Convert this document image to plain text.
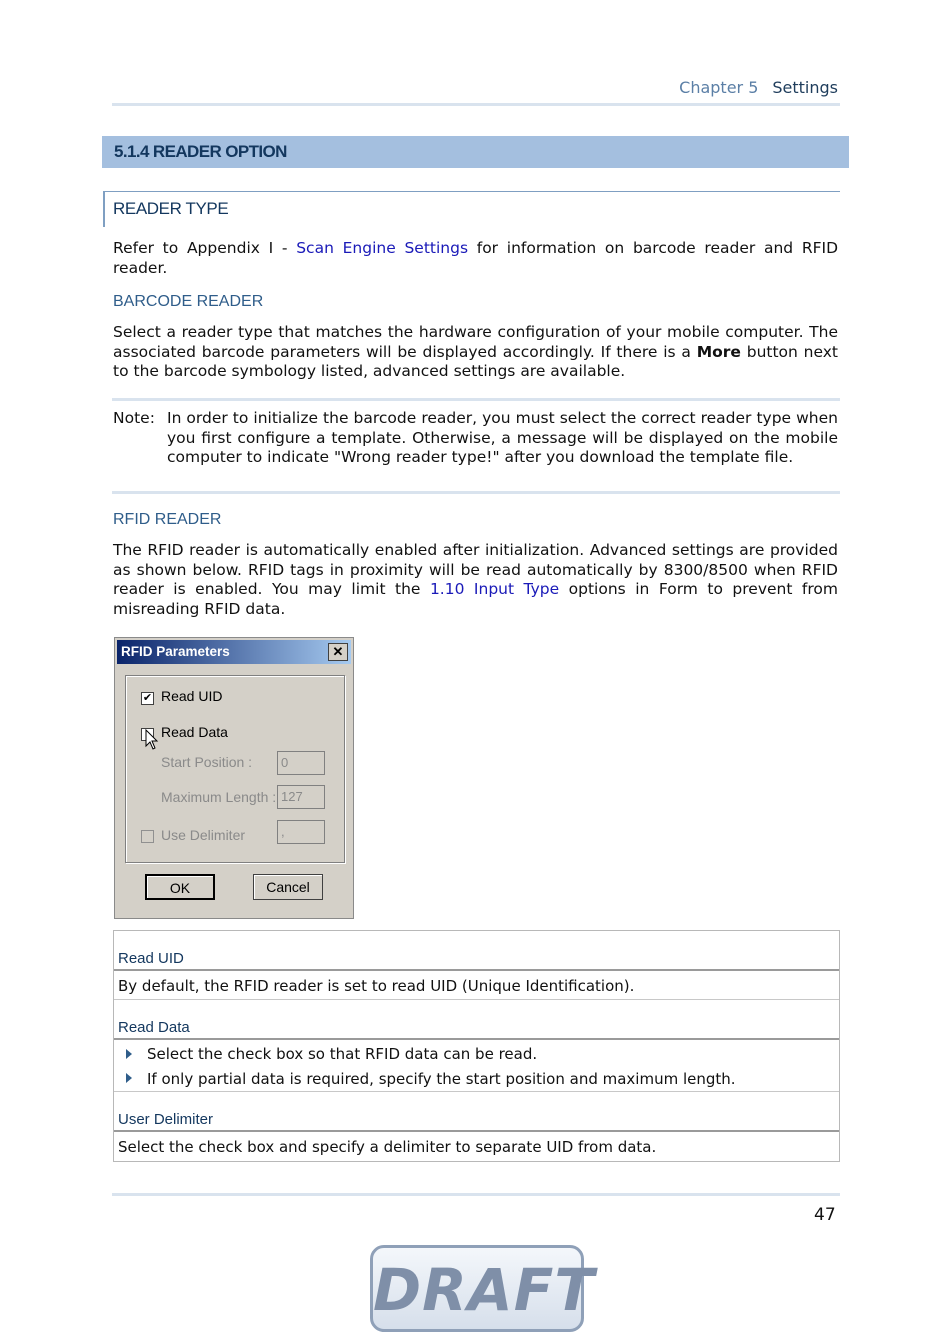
Chapter 5 Settings
5.1.4 READER OPTION
READER TYPE
Refer to Appendix I - Scan Engine Settings for information on barcode reader and RFID reader.
BARCODE READER
Select a reader type that matches the hardware configuration of your mobile computer. The associated barcode parameters will be displayed accordingly. If there is a More button next to the barcode symbology listed, advanced settings are available.
Note: In order to initialize the barcode reader, you must select the correct reader type when you first configure a template. Otherwise, a message will be displayed on the mobile computer to indicate "Wrong reader type!" after you download the template file.
RFID READER
The RFID reader is automatically enabled after initialization. Advanced settings are provided as shown below. RFID tags in proximity will be read automatically by 8300/8500 when RFID reader is enabled. You may limit the 1.10 Input Type options in Form to prevent from misreading RFID data.
RFID Parameters	✕
✔ Read UID
Read Data
Start Position :	0
Maximum Length : 127
Use Delimiter	,
OK	Cancel
Read UID
By default, the RFID reader is set to read UID (Unique Identification).
Read Data
Select the check box so that RFID data can be read.
If only partial data is required, specify the start position and maximum length.
User Delimiter
Select the check box and specify a delimiter to separate UID from data.
47
DRAFT
